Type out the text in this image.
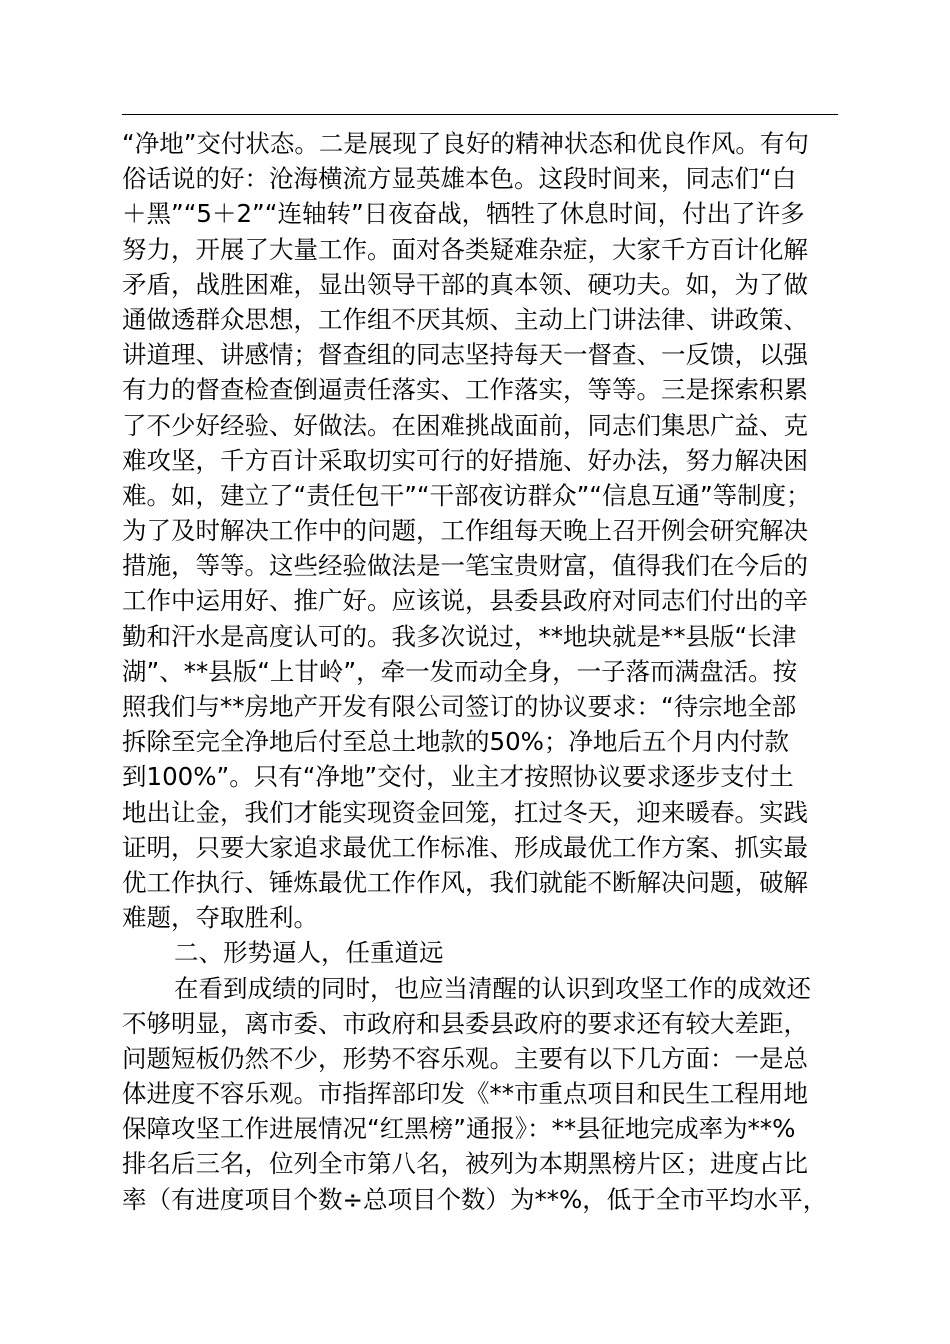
“净地”交付状态。二是展现了良好的精神状态和优良作风。有句
俗话说的好：沧海横流方显英雄本色。这段时间来，同志们“白
＋黑”“5＋2”“连轴转”日夜奋战，牺牲了休息时间，付出了许多
努力，开展了大量工作。面对各类疑难杂症，大家千方百计化解
矛盾，战胜困难，显出领导干部的真本领、硬功夫。如，为了做
通做透群众思想，工作组不厌其烦、主动上门讲法律、讲政策、
讲道理、讲感情；督查组的同志坚持每天一督查、一反馈，以强
有力的督查检查倒逼责任落实、工作落实，等等。三是探索积累
了不少好经验、好做法。在困难挑战面前，同志们集思广益、克
难攻坚，千方百计采取切实可行的好措施、好办法，努力解决困
难。如，建立了“责任包干”“干部夜访群众”“信息互通”等制度；
为了及时解决工作中的问题，工作组每天晚上召开例会研究解决
措施，等等。这些经验做法是一笔宝贵财富，值得我们在今后的
工作中运用好、推广好。应该说，县委县政府对同志们付出的辛
勤和汗水是高度认可的。我多次说过，**地块就是**县版“长津
湖”、**县版“上甘岭”，牵一发而动全身，一子落而满盘活。按
照我们与**房地产开发有限公司签订的协议要求：“待宗地全部
拆除至完全净地后付至总土地款的50%；净地后五个月内付款
到100%”。只有“净地”交付，业主才按照协议要求逐步支付土
地出让金，我们才能实现资金回笼，扛过冬天，迎来暖春。实践
证明，只要大家追求最优工作标准、形成最优工作方案、抓实最
优工作执行、锤炼最优工作作风，我们就能不断解决问题，破解
难题，夺取胜利。
二、形势逼人，任重道远
在看到成绩的同时，也应当清醒的认识到攻坚工作的成效还
不够明显，离市委、市政府和县委县政府的要求还有较大差距，
问题短板仍然不少，形势不容乐观。主要有以下几方面：一是总
体进度不容乐观。市指挥部印发《**市重点项目和民生工程用地
保障攻坚工作进展情况“红黑榜”通报》：**县征地完成率为**%
排名后三名，位列全市第八名，被列为本期黑榜片区；进度占比
率（有进度项目个数÷总项目个数）为**%，低于全市平均水平，
